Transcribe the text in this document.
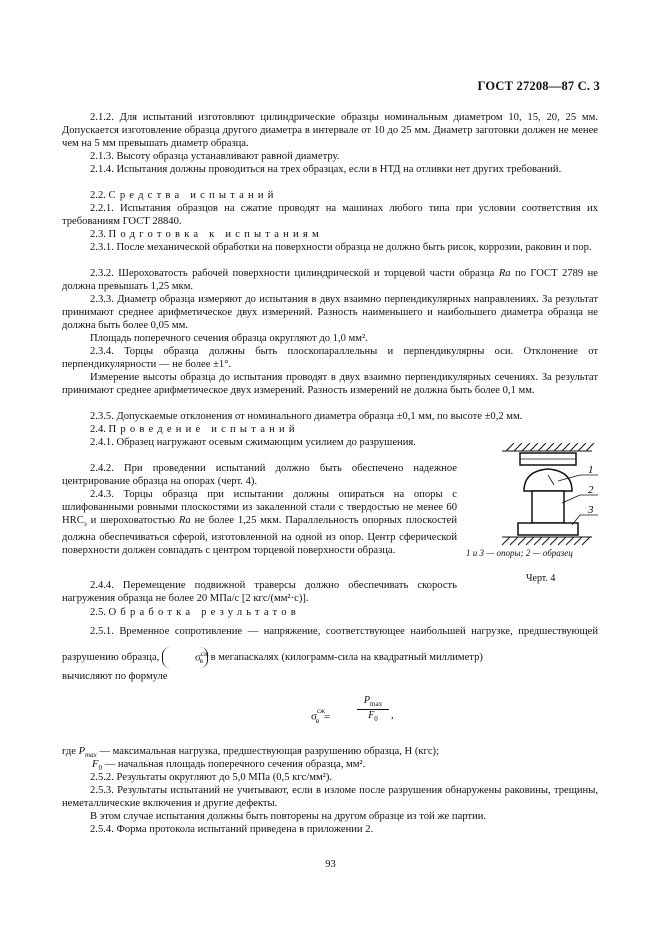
ГОСТ 27208—87 С. 3
2.1.2. Для испытаний изготовляют цилиндрические образцы номинальным диаметром 10, 15, 20, 25 мм. Допускается изготовление образца другого диаметра в интервале от 10 до 25 мм. Диаметр заготовки должен не менее чем на 5 мм превышать диаметр образца.
2.1.3. Высоту образца устанавливают равной диаметру.
2.1.4. Испытания должны проводиться на трех образцах, если в НТД на отливки нет других требований.
2.2. Средства испытаний
2.2.1. Испытания образцов на сжатие проводят на машинах любого типа при условии соответствия их требованиям ГОСТ 28840.
2.3. Подготовка к испытаниям
2.3.1. После механической обработки на поверхности образца не должно быть рисок, коррозии, раковин и пор.
2.3.2. Шероховатость рабочей поверхности цилиндрической и торцевой части образца Ra по ГОСТ 2789 не должна превышать 1,25 мкм.
2.3.3. Диаметр образца измеряют до испытания в двух взаимно перпендикулярных направлениях. За результат принимают среднее арифметическое двух измерений. Разность наименьшего и наибольшего диаметра образца не должна быть более 0,05 мм.
Площадь поперечного сечения образца округляют до 1,0 мм².
2.3.4. Торцы образца должны быть плоскопараллельны и перпендикулярны оси. Отклонение от перпендикулярности — не более ±1°.
Измерение высоты образца до испытания проводят в двух взаимно перпендикулярных сечениях. За результат принимают среднее арифметическое двух измерений. Разность измерений не должна быть более 0,1 мм.
2.3.5. Допускаемые отклонения от номинального диаметра образца ±0,1 мм, по высоте ±0,2 мм.
2.4. Проведение испытаний
2.4.1. Образец нагружают осевым сжимающим усилием до разрушения.
2.4.2. При проведении испытаний должно быть обеспечено надежное центрирование образца на опорах (черт. 4).
2.4.3. Торцы образца при испытании должны опираться на опоры с шлифованными ровными плоскостями из закаленной стали с твердостью не менее 60 $HRC_э$ и шероховатостью Ra не более 1,25 мкм. Параллельность опорных плоскостей должна обеспечиваться сферой, изготовленной на одной из опор. Центр сферической поверхности должен совпадать с центром торцевой поверхности образца.
2.4.4. Перемещение подвижной траверсы должно обеспечивать скорость нагружения образца не более 20 МПа/с [2 кгс/(мм²·с)].
2.5. Обработка результатов
2.5.1. Временное сопротивление — напряжение, соответствующее наибольшей нагрузке, предшествующей разрушению образца,	$\sigma^{сж}_в$ в мегапаскалях (килограмм-сила на квадратный миллиметр)
вычисляют по формуле
$\sigma^{сж}_в$ =
$P_{max}$
$F_0$	,
где $P_{max}$ — максимальная нагрузка, предшествующая разрушению образца, Н (кгс);
$F_0$ — начальная площадь поперечного сечения образца, мм².
2.5.2. Результаты округляют до 5,0 МПа (0,5 кгс/мм²).
2.5.3. Результаты испытаний не учитывают, если в изломе после разрушения обнаружены раковины, трещины, неметаллические включения и другие дефекты.
В этом случае испытания должны быть повторены на другом образце из той же партии.
2.5.4. Форма протокола испытаний приведена в приложении 2.
1
2
3
1 и 3 — опоры; 2 — образец
Черт. 4
93
